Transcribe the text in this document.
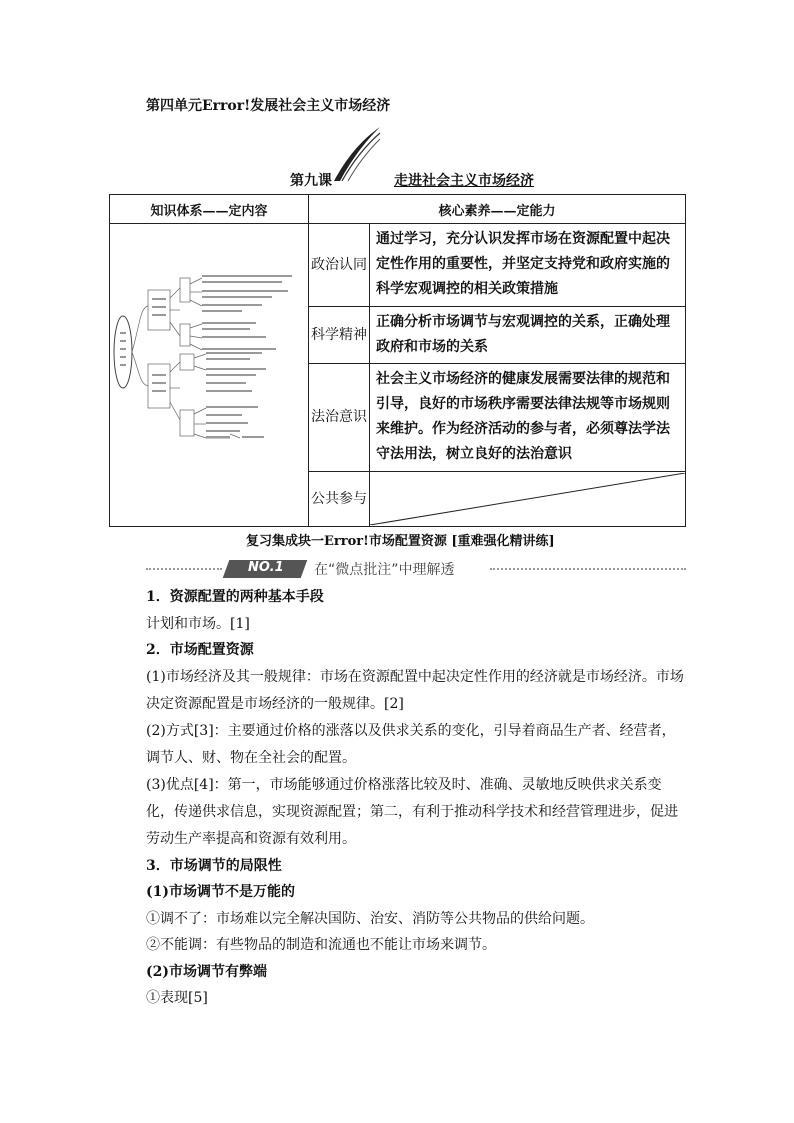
第四单元Error!发展社会主义市场经济
第九课	走进社会主义市场经济
知识体系——定内容	核心素养——定能力	
	政治认同	通过学习，充分认识发挥市场在资源配置中起决定性作用的重要性，并坚定支持党和政府实施的科学宏观调控的相关政策措施
	科学精神	正确分析市场调节与宏观调控的关系，正确处理政府和市场的关系
	法治意识	社会主义市场经济的健康发展需要法律的规范和引导，良好的市场秩序需要法律法规等市场规则来维护。作为经济活动的参与者，必须尊法学法守法用法，树立良好的法治意识
	公共参与	
复习集成块一Error!市场配置资源 [重难强化精讲练]
NO.1 在“微点批注”中理解透

1．资源配置的两种基本手段

计划和市场。[1]

2．市场配置资源

(1)市场经济及其一般规律：市场在资源配置中起决定性作用的经济就是市场经济。市场决定资源配置是市场经济的一般规律。[2]

(2)方式[3]：主要通过价格的涨落以及供求关系的变化，引导着商品生产者、经营者，调节人、财、物在全社会的配置。

(3)优点[4]：第一，市场能够通过价格涨落比较及时、准确、灵敏地反映供求关系变化，传递供求信息，实现资源配置；第二，有利于推动科学技术和经营管理进步，促进劳动生产率提高和资源有效利用。

3．市场调节的局限性

(1)市场调节不是万能的

①调不了：市场难以完全解决国防、治安、消防等公共物品的供给问题。

②不能调：有些物品的制造和流通也不能让市场来调节。

(2)市场调节有弊端

①表现[5]
